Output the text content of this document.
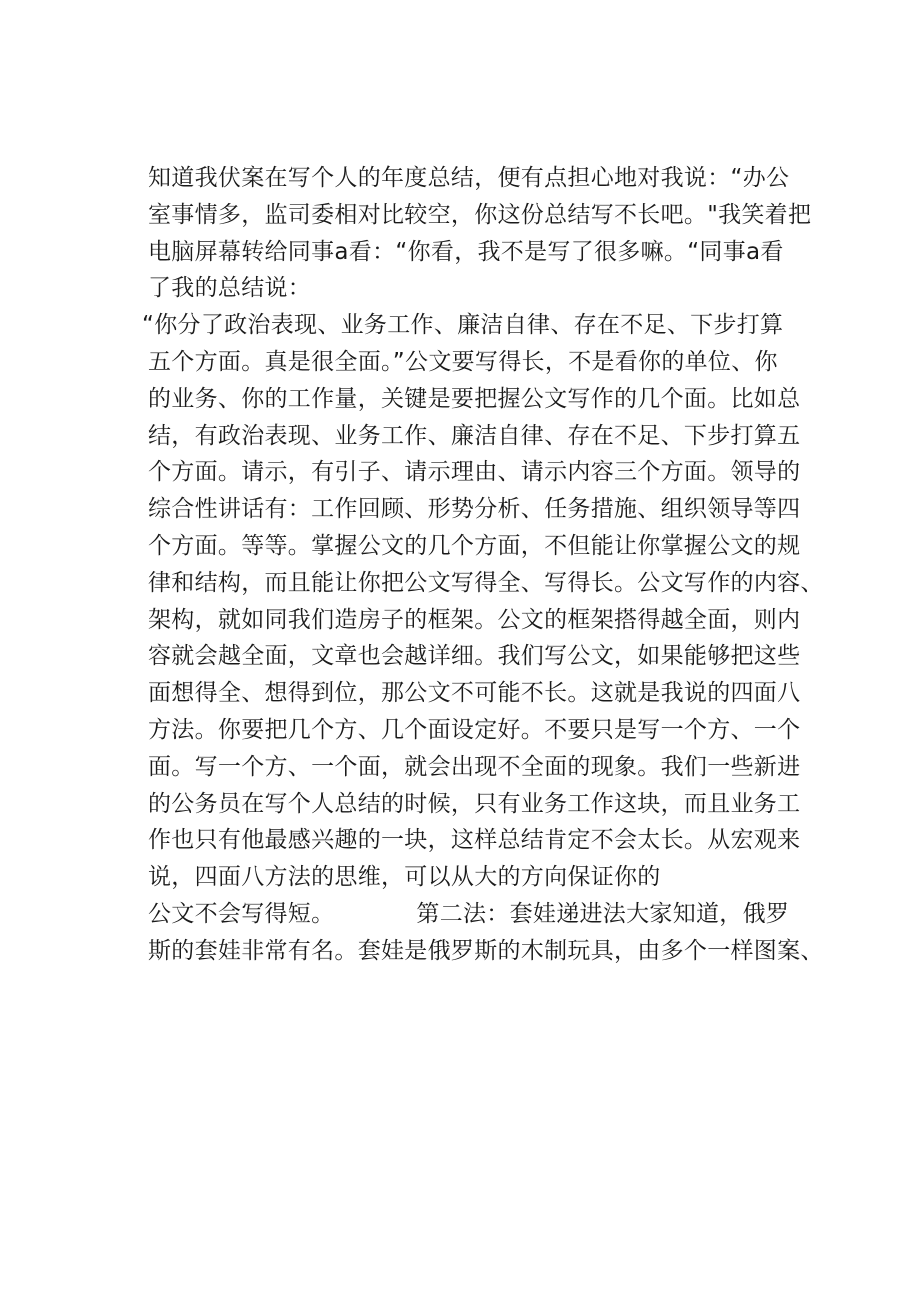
知道我伏案在写个人的年度总结，便有点担心地对我说：“办公
室事情多，监司委相对比较空，你这份总结写不长吧。"我笑着把
电脑屏幕转给同事a看：“你看，我不是写了很多嘛。“同事a看
了我的总结说：
“你分了政治表现、业务工作、廉洁自律、存在不足、下步打算
五个方面。真是很全面。”公文要写得长，不是看你的单位、你
的业务、你的工作量，关键是要把握公文写作的几个面。比如总
结，有政治表现、业务工作、廉洁自律、存在不足、下步打算五
个方面。请示，有引子、请示理由、请示内容三个方面。领导的
综合性讲话有：工作回顾、形势分析、任务措施、组织领导等四
个方面。等等。掌握公文的几个方面，不但能让你掌握公文的规
律和结构，而且能让你把公文写得全、写得长。公文写作的内容、
架构，就如同我们造房子的框架。公文的框架搭得越全面，则内
容就会越全面，文章也会越详细。我们写公文，如果能够把这些
面想得全、想得到位，那公文不可能不长。这就是我说的四面八
方法。你要把几个方、几个面设定好。不要只是写一个方、一个
面。写一个方、一个面，就会出现不全面的现象。我们一些新进
的公务员在写个人总结的时候，只有业务工作这块，而且业务工
作也只有他最感兴趣的一块，这样总结肯定不会太长。从宏观来
说，四面八方法的思维，可以从大的方向保证你的
公文不会写得短。	第二法：套娃递进法大家知道，俄罗
斯的套娃非常有名。套娃是俄罗斯的木制玩具，由多个一样图案、
